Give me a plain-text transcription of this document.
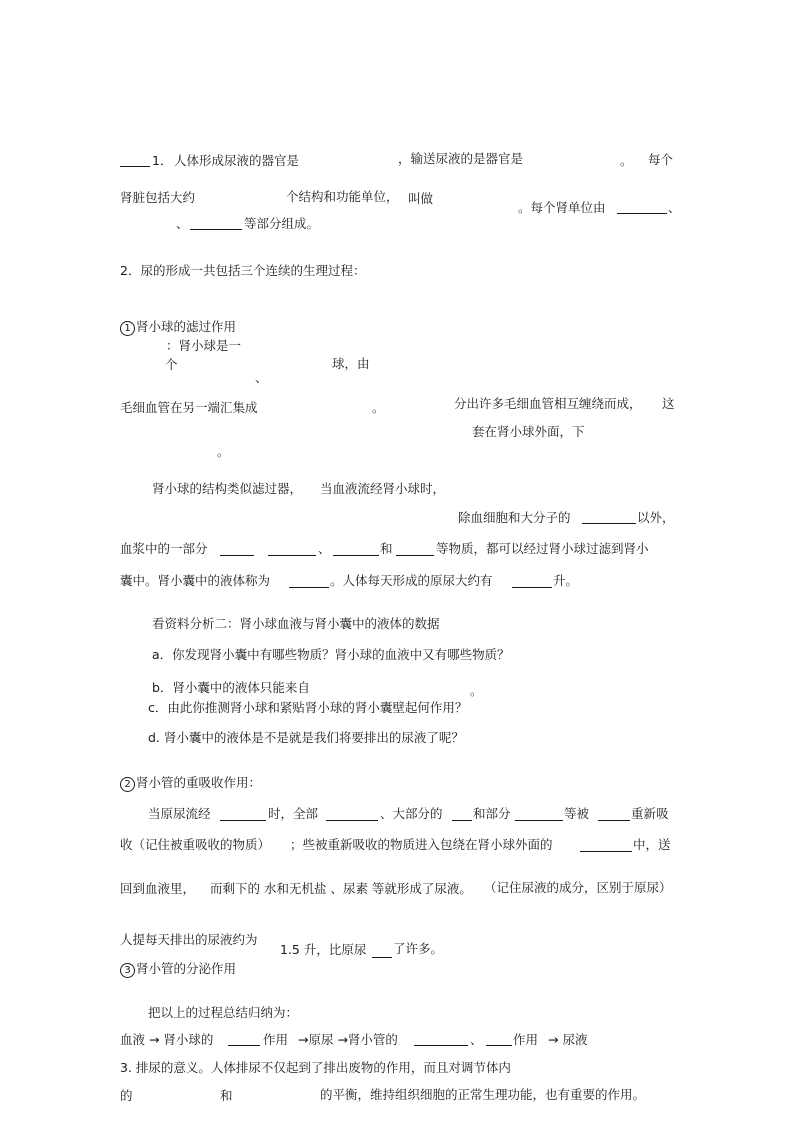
1． 人体形成尿液的器官是	，输送尿液的是器官是	。 每个
肾脏包括大约	个结构和功能单位， 叫做
。每个肾单位由	、
、	等部分组成。
2．尿的形成一共包括三个连续的生理过程：
1 肾小球的滤过作用
：肾小球是一
个	球，由
、
毛细血管在另一端汇集成	。	分出许多毛细血管相互缠绕而成， 这
套在肾小球外面，下
。
肾小球的结构类似滤过器， 当血液流经肾小球时，
除血细胞和大分子的	以外，
血浆中的一部分	、	和	等物质，都可以经过肾小球过滤到肾小
囊中。肾小囊中的液体称为	。人体每天形成的原尿大约有	升。
看资料分析二：肾小球血液与肾小囊中的液体的数据
a．你发现肾小囊中有哪些物质？肾小球的血液中又有哪些物质？
b．肾小囊中的液体只能来自	。
c．由此你推测肾小球和紧贴肾小球的肾小囊壁起何作用？
d. 肾小囊中的液体是不是就是我们将要排出的尿液了呢？
2 肾小管的重吸收作用：
当原尿流经	时，全部	、大部分的 和部分	等被	重新吸
收（记住被重吸收的物质） ；些被重新吸收的物质进入包绕在肾小球外面的	中，送
回到血液里， 而剩下的 水和无机盐 、尿素 等就形成了尿液。 （记住尿液的成分，区别于原尿）
人提每天排出的尿液约为
1.5 升，比原尿 了许多。
3 肾小管的分泌作用
把以上的过程总结归纳为：
血液 → 肾小球的	作用 →原尿 →肾小管的	、 作用 → 尿液
3. 排尿的意义。人体排尿不仅起到了排出废物的作用，而且对调节体内
的	和	的平衡，维持组织细胞的正常生理功能，也有重要的作用。
